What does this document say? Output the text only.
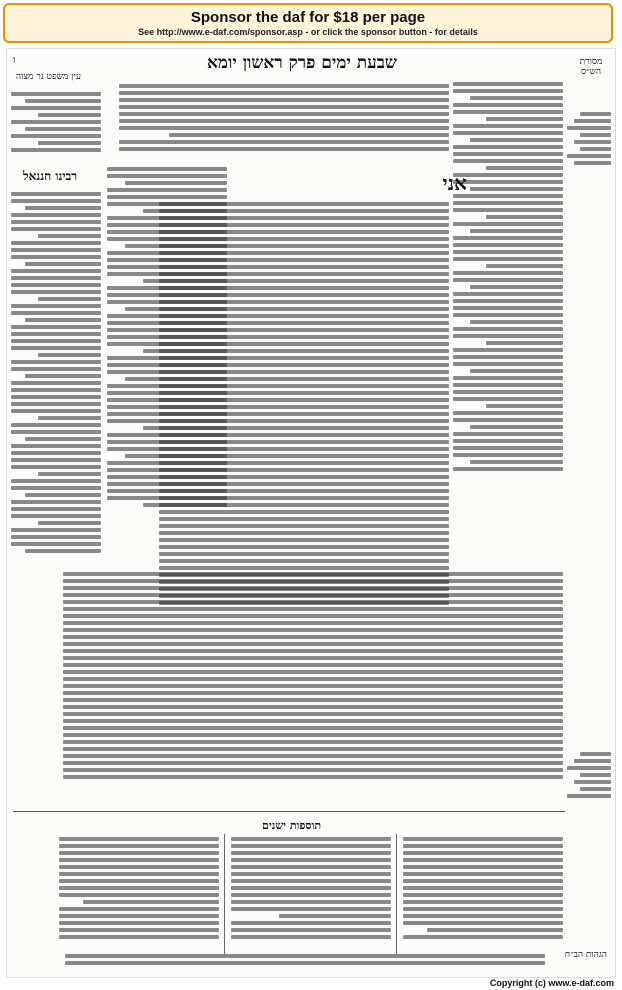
Sponsor the daf for $18 per page
See http://www.e-daf.com/sponsor.asp - or click the sponsor button - for details
שבעת ימים פרק ראשון יומא
ו	מסורת הש״ס
אני
רבינו חננאל
עין משפט נר מצוה
תוספות ישנים
הגהות הב״ח
Copyright (c) www.e-daf.com
